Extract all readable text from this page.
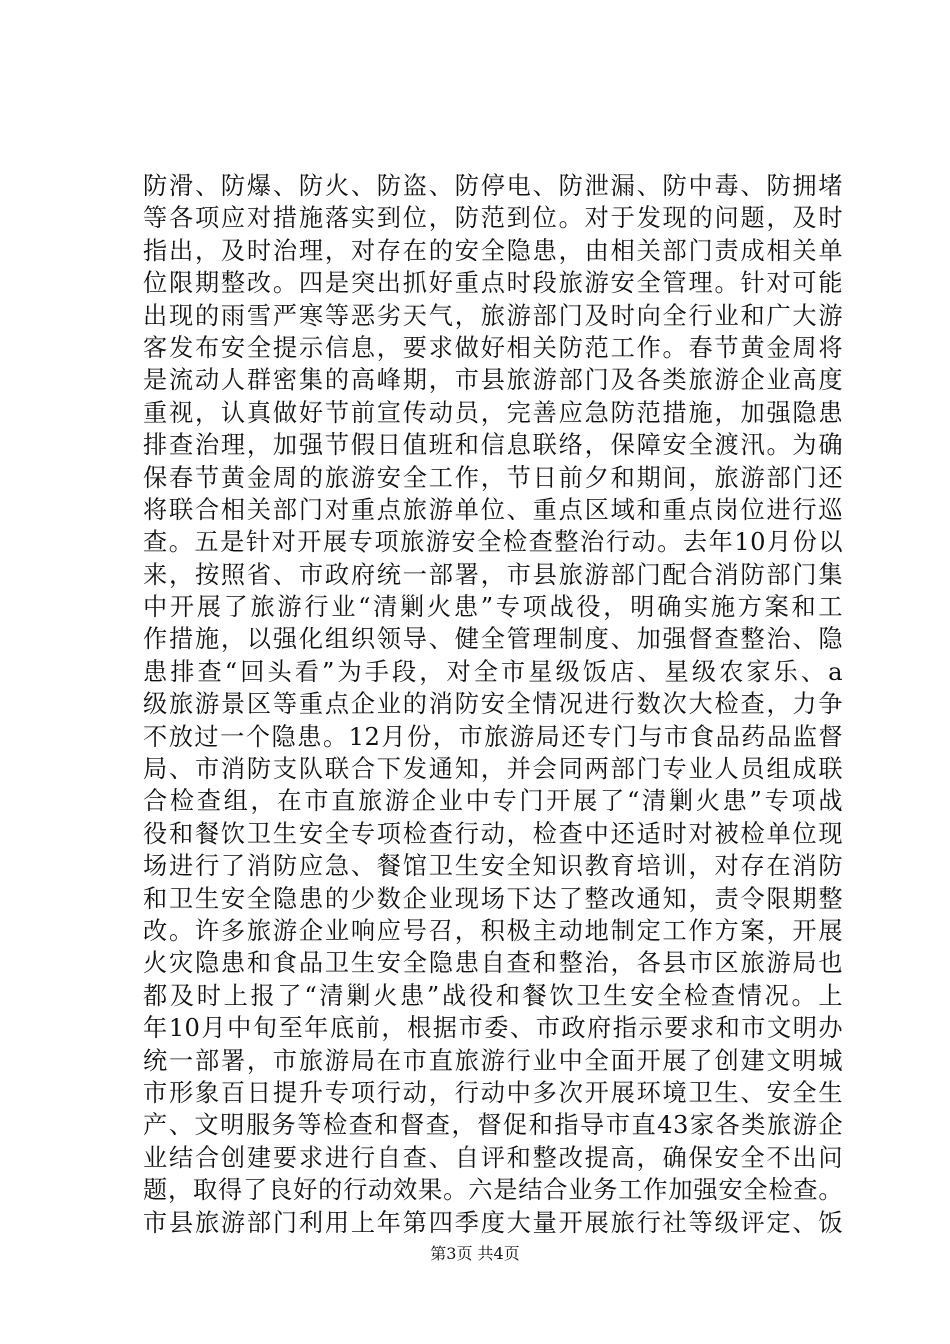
防滑、防爆、防火、防盗、防停电、防泄漏、防中毒、防拥堵
等各项应对措施落实到位，防范到位。对于发现的问题，及时
指出，及时治理，对存在的安全隐患，由相关部门责成相关单
位限期整改。四是突出抓好重点时段旅游安全管理。针对可能
出现的雨雪严寒等恶劣天气，旅游部门及时向全行业和广大游
客发布安全提示信息，要求做好相关防范工作。春节黄金周将
是流动人群密集的高峰期，市县旅游部门及各类旅游企业高度
重视，认真做好节前宣传动员，完善应急防范措施，加强隐患
排查治理，加强节假日值班和信息联络，保障安全渡汛。为确
保春节黄金周的旅游安全工作，节日前夕和期间，旅游部门还
将联合相关部门对重点旅游单位、重点区域和重点岗位进行巡
查。五是针对开展专项旅游安全检查整治行动。去年10月份以
来，按照省、市政府统一部署，市县旅游部门配合消防部门集
中开展了旅游行业“清剿火患”专项战役，明确实施方案和工
作措施，以强化组织领导、健全管理制度、加强督查整治、隐
患排查“回头看”为手段，对全市星级饭店、星级农家乐、a
级旅游景区等重点企业的消防安全情况进行数次大检查，力争
不放过一个隐患。12月份，市旅游局还专门与市食品药品监督
局、市消防支队联合下发通知，并会同两部门专业人员组成联
合检查组，在市直旅游企业中专门开展了“清剿火患”专项战
役和餐饮卫生安全专项检查行动，检查中还适时对被检单位现
场进行了消防应急、餐馆卫生安全知识教育培训，对存在消防
和卫生安全隐患的少数企业现场下达了整改通知，责令限期整
改。许多旅游企业响应号召，积极主动地制定工作方案，开展
火灾隐患和食品卫生安全隐患自查和整治，各县市区旅游局也
都及时上报了“清剿火患”战役和餐饮卫生安全检查情况。上
年10月中旬至年底前，根据市委、市政府指示要求和市文明办
统一部署，市旅游局在市直旅游行业中全面开展了创建文明城
市形象百日提升专项行动，行动中多次开展环境卫生、安全生
产、文明服务等检查和督查，督促和指导市直43家各类旅游企
业结合创建要求进行自查、自评和整改提高，确保安全不出问
题，取得了良好的行动效果。六是结合业务工作加强安全检查。
市县旅游部门利用上年第四季度大量开展旅行社等级评定、饭
第3页 共4页
